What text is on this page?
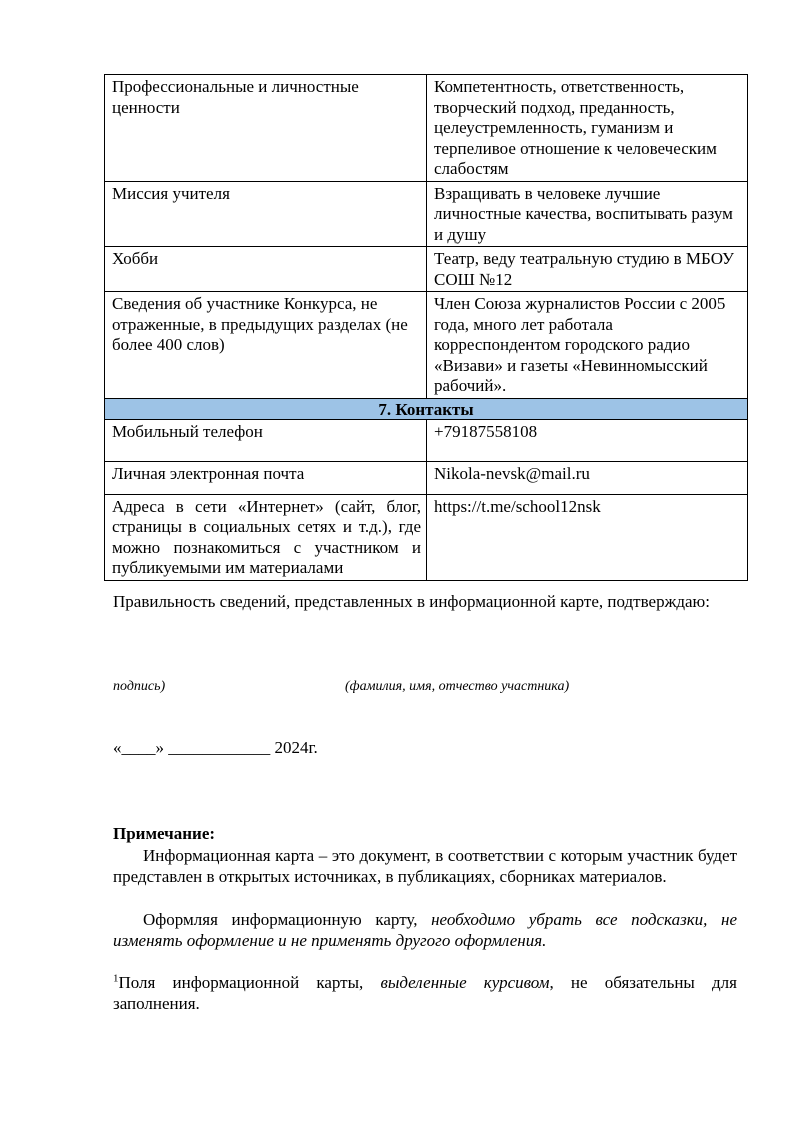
Профессиональные и личностные ценности	Компетентность, ответственность, творческий подход, преданность, целеустремленность, гуманизм и терпеливое отношение к человеческим слабостям
Миссия учителя	Взращивать в человеке лучшие личностные качества, воспитывать разум и душу
Хобби	Театр, веду театральную студию в МБОУ СОШ №12
Сведения об участнике Конкурса, не отраженные, в предыдущих разделах (не более 400 слов)	Член Союза журналистов России с 2005 года, много лет работала корреспондентом городского радио «Визави» и газеты «Невинномысский рабочий».
7. Контакты	
Мобильный телефон	+79187558108
Личная электронная почта	Nikola-nevsk@mail.ru
Адреса в сети «Интернет» (сайт, блог, страницы в социальных сетях и т.д.), где можно познакомиться с участником и публикуемыми им материалами	https://t.me/school12nsk
Правильность сведений, представленных в информационной карте, подтверждаю:
подпись)	(фамилия, имя, отчество участника)
«____» ____________ 2024г.
Примечание:
Информационная карта – это документ, в соответствии с которым участник будет представлен в открытых источниках, в публикациях, сборниках материалов.
Оформляя информационную карту, необходимо убрать все подсказки, не изменять оформление и не применять другого оформления.
$^1$Поля информационной карты, выделенные курсивом, не обязательны для заполнения.
